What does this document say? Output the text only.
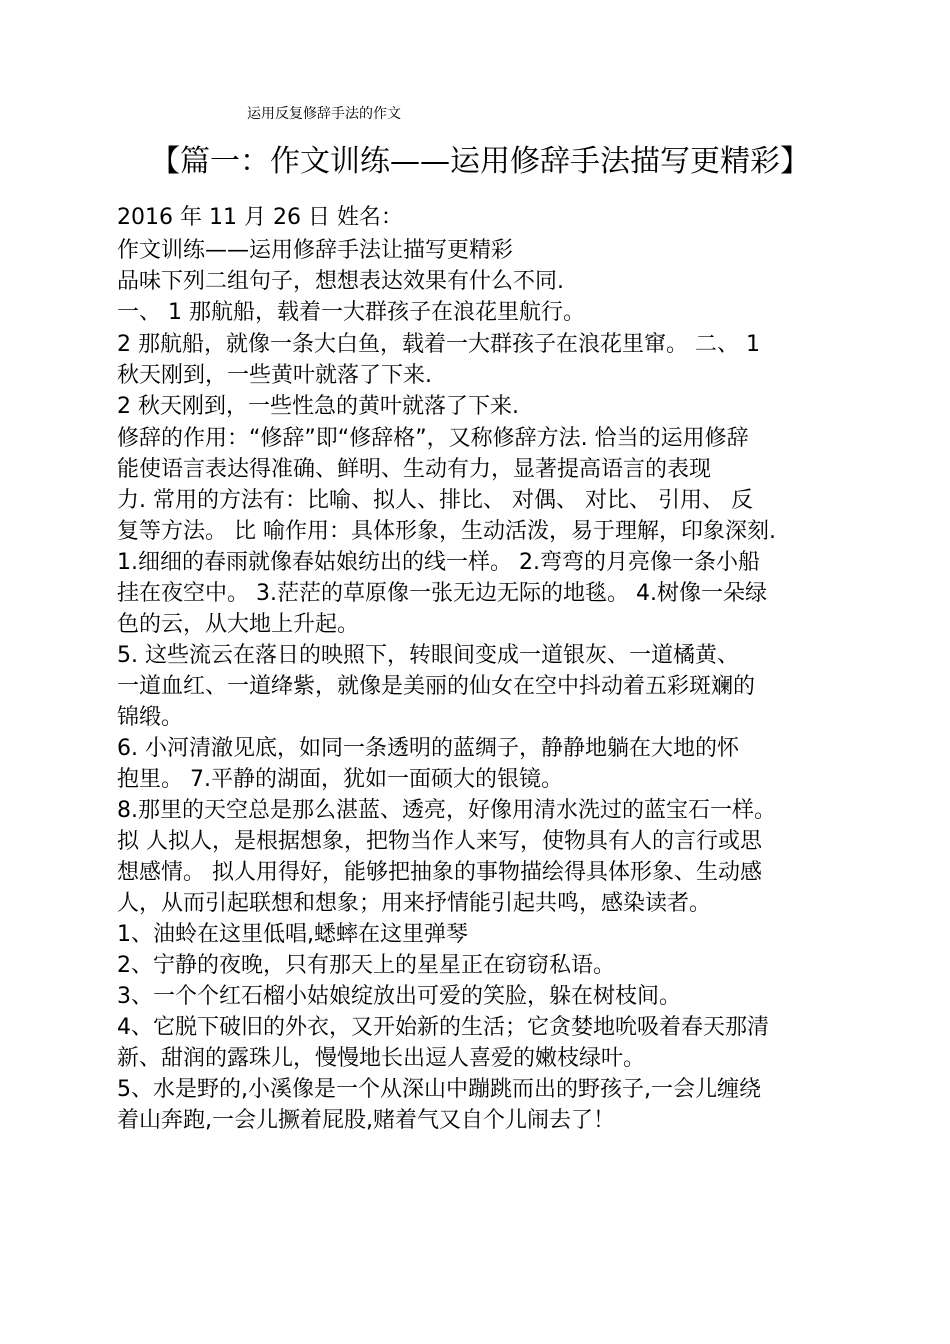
运用反复修辞手法的作文
【篇一：作文训练——运用修辞手法描写更精彩】
2016 年 11 月 26 日 姓名：
作文训练——运用修辞手法让描写更精彩
品味下列二组句子，想想表达效果有什么不同.
一、 1 那航船，载着一大群孩子在浪花里航行。
2 那航船，就像一条大白鱼，载着一大群孩子在浪花里窜。 二、 1
秋天刚到，一些黄叶就落了下来.
2 秋天刚到，一些性急的黄叶就落了下来.
修辞的作用：“修辞”即“修辞格”，又称修辞方法. 恰当的运用修辞
能使语言表达得准确、鲜明、生动有力，显著提高语言的表现
力. 常用的方法有：比喻、拟人、排比、 对偶、 对比、 引用、 反
复等方法。 比 喻作用：具体形象，生动活泼，易于理解，印象深刻.
1.细细的春雨就像春姑娘纺出的线一样。 2.弯弯的月亮像一条小船
挂在夜空中。 3.茫茫的草原像一张无边无际的地毯。 4.树像一朵绿
色的云，从大地上升起。
5. 这些流云在落日的映照下，转眼间变成一道银灰、一道橘黄、
一道血红、一道绛紫，就像是美丽的仙女在空中抖动着五彩斑斓的
锦缎。
6. 小河清澈见底，如同一条透明的蓝绸子，静静地躺在大地的怀
抱里。 7.平静的湖面，犹如一面硕大的银镜。
8.那里的天空总是那么湛蓝、透亮，好像用清水洗过的蓝宝石一样。
拟 人拟人，是根据想象，把物当作人来写，使物具有人的言行或思
想感情。 拟人用得好，能够把抽象的事物描绘得具体形象、生动感
人，从而引起联想和想象；用来抒情能引起共鸣，感染读者。
1、油蛉在这里低唱,蟋蟀在这里弹琴
2、宁静的夜晚，只有那天上的星星正在窃窃私语。
3、一个个红石榴小姑娘绽放出可爱的笑脸，躲在树枝间。
4、它脱下破旧的外衣，又开始新的生活；它贪婪地吮吸着春天那清
新、甜润的露珠儿，慢慢地长出逗人喜爱的嫩枝绿叶。
5、水是野的,小溪像是一个从深山中蹦跳而出的野孩子,一会儿缠绕
着山奔跑,一会儿撅着屁股,赌着气又自个儿闹去了！
